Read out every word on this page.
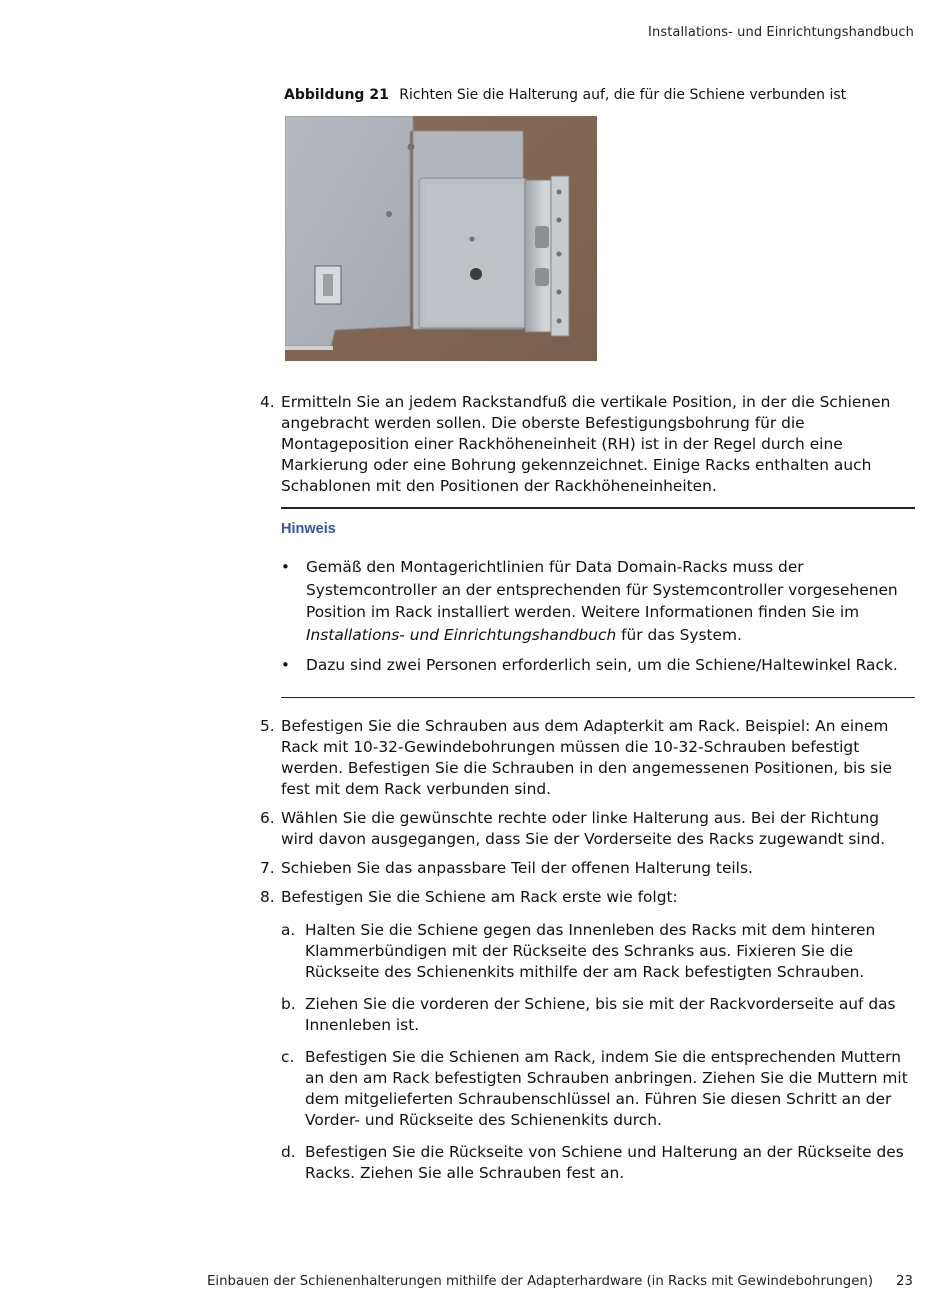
Installations- und Einrichtungshandbuch
Abbildung 21 Richten Sie die Halterung auf, die für die Schiene verbunden ist
4. Ermitteln Sie an jedem Rackstandfuß die vertikale Position, in der die Schienen angebracht werden sollen. Die oberste Befestigungsbohrung für die Montageposition einer Rackhöheneinheit (RH) ist in der Regel durch eine Markierung oder eine Bohrung gekennzeichnet. Einige Racks enthalten auch Schablonen mit den Positionen der Rackhöheneinheiten.
Hinweis
• Gemäß den Montagerichtlinien für Data Domain-Racks muss der Systemcontroller an der entsprechenden für Systemcontroller vorgesehenen Position im Rack installiert werden. Weitere Informationen finden Sie im Installations- und Einrichtungshandbuch für das System.
• Dazu sind zwei Personen erforderlich sein, um die Schiene/Haltewinkel Rack.
5. Befestigen Sie die Schrauben aus dem Adapterkit am Rack. Beispiel: An einem Rack mit 10-32-Gewindebohrungen müssen die 10-32-Schrauben befestigt werden. Befestigen Sie die Schrauben in den angemessenen Positionen, bis sie fest mit dem Rack verbunden sind.
6. Wählen Sie die gewünschte rechte oder linke Halterung aus. Bei der Richtung wird davon ausgegangen, dass Sie der Vorderseite des Racks zugewandt sind.
7. Schieben Sie das anpassbare Teil der offenen Halterung teils.
8. Befestigen Sie die Schiene am Rack erste wie folgt:
a. Halten Sie die Schiene gegen das Innenleben des Racks mit dem hinteren Klammerbündigen mit der Rückseite des Schranks aus. Fixieren Sie die Rückseite des Schienenkits mithilfe der am Rack befestigten Schrauben.
b. Ziehen Sie die vorderen der Schiene, bis sie mit der Rackvorderseite auf das Innenleben ist.
c. Befestigen Sie die Schienen am Rack, indem Sie die entsprechenden Muttern an den am Rack befestigten Schrauben anbringen. Ziehen Sie die Muttern mit dem mitgelieferten Schraubenschlüssel an. Führen Sie diesen Schritt an der Vorder- und Rückseite des Schienenkits durch.
d. Befestigen Sie die Rückseite von Schiene und Halterung an der Rückseite des Racks. Ziehen Sie alle Schrauben fest an.
Einbauen der Schienenhalterungen mithilfe der Adapterhardware (in Racks mit Gewindebohrungen) 23
